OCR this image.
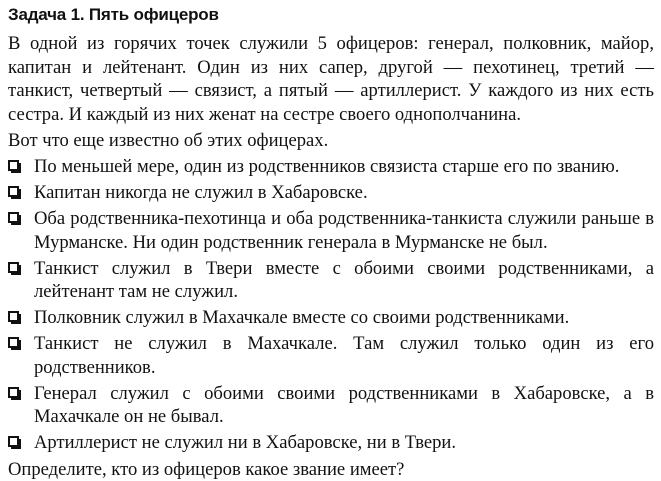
Задача 1. Пять офицеров

В одной из горячих точек служили 5 офицеров: генерал, полковник, майор, капитан и лейтенант. Один из них сапер, другой — пехотинец, третий — танкист, четвертый — связист, а пятый — артиллерист. У каждого из них есть сестра. И каждый из них женат на сестре своего однополчанина.

Вот что еще известно об этих офицерах.

По меньшей мере, один из родственников связиста старше его по званию.
Капитан никогда не служил в Хабаровске.
Оба родственника-пехотинца и оба родственника-танкиста служили раньше в Мурманске. Ни один родственник генерала в Мурманске не был.
Танкист служил в Твери вместе с обоими своими родственниками, а лейтенант там не служил.
Полковник служил в Махачкале вместе со своими родственниками.
Танкист не служил в Махачкале. Там служил только один из его родственников.
Генерал служил с обоими своими родственниками в Хабаровске, а в Махачкале он не бывал.
Артиллерист не служил ни в Хабаровске, ни в Твери.

Определите, кто из офицеров какое звание имеет?
